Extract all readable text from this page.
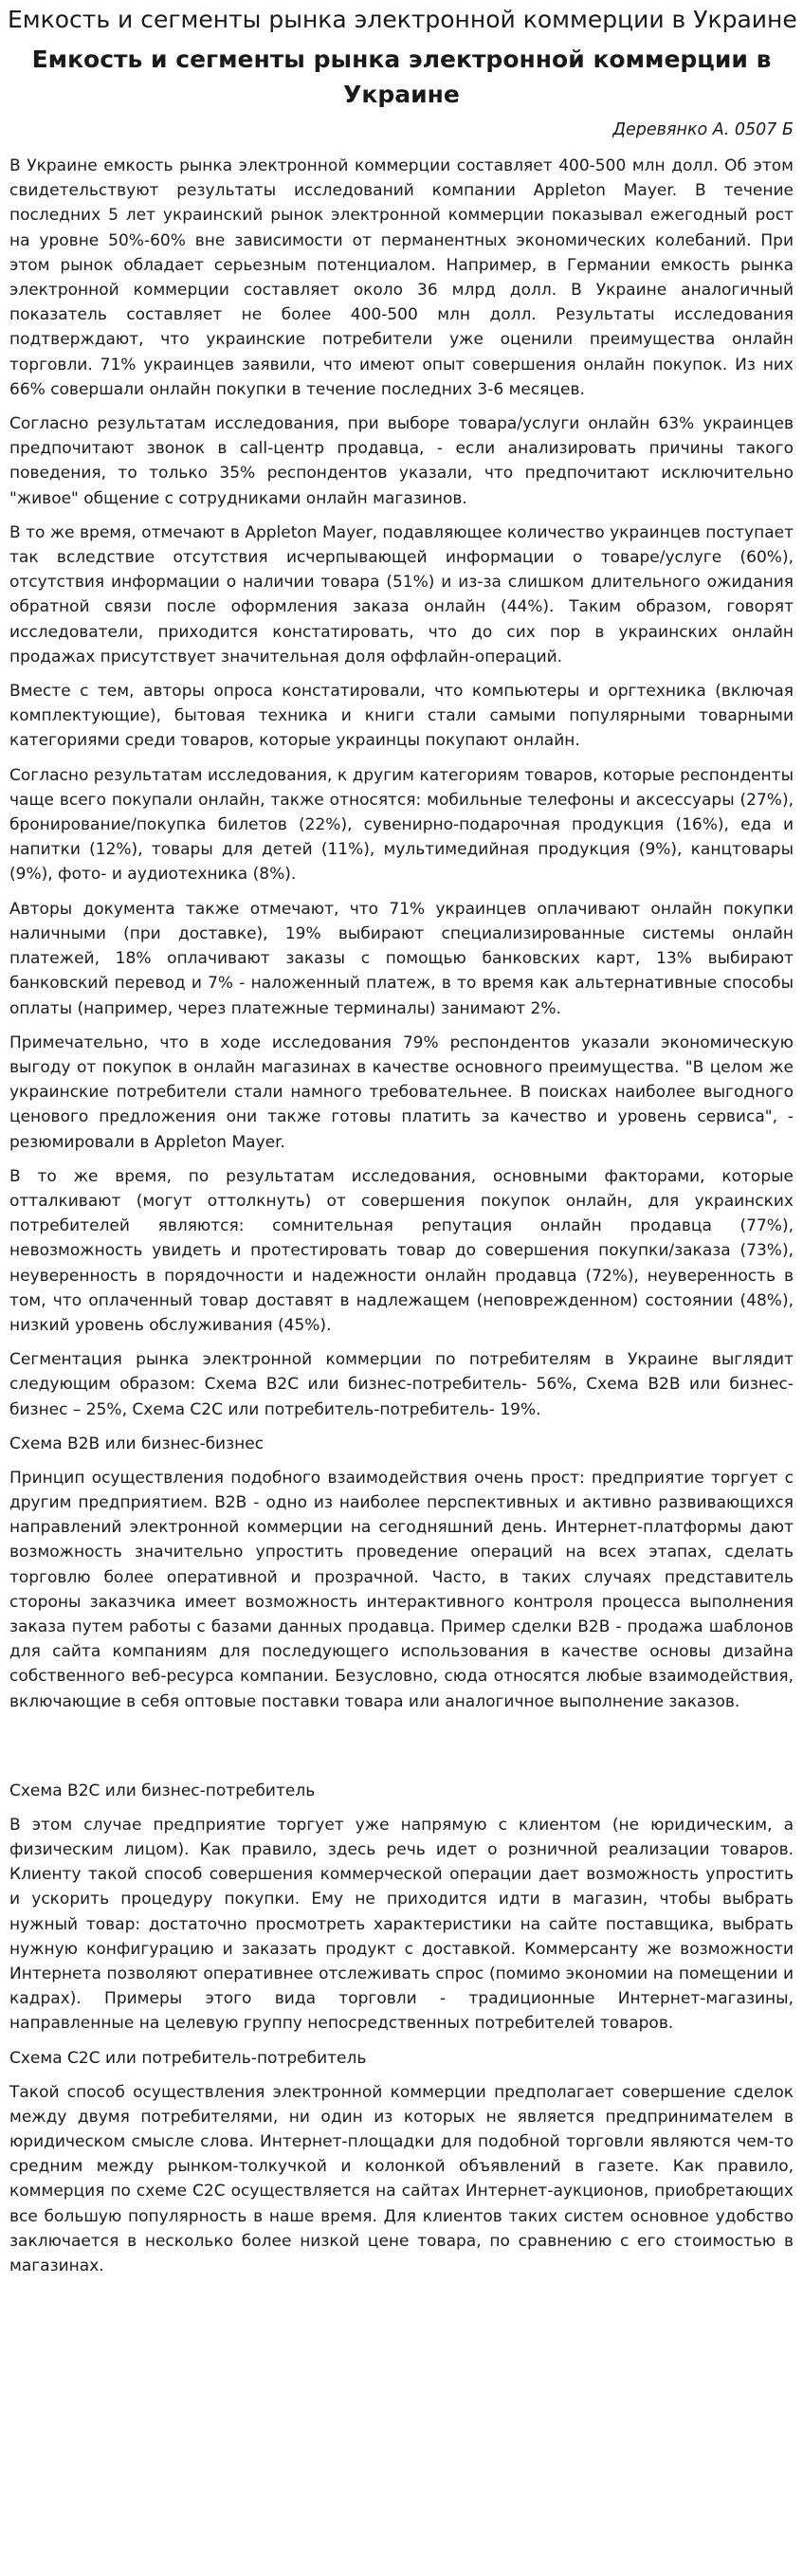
Емкость и сегменты рынка электронной коммерции в Украине
Емкость и сегменты рынка электронной коммерции в Украине
Деревянко А. 0507 Б

В Украине емкость рынка электронной коммерции составляет 400-500 млн долл. Об этом свидетельствуют результаты исследований компании Appleton Mayer. В течение последних 5 лет украинский рынок электронной коммерции показывал ежегодный рост на уровне 50%-60% вне зависимости от перманентных экономических колебаний. При этом рынок обладает серьезным потенциалом. Например, в Германии емкость рынка электронной коммерции составляет около 36 млрд долл. В Украине аналогичный показатель составляет не более 400-500 млн долл. Результаты исследования подтверждают, что украинские потребители уже оценили преимущества онлайн торговли. 71% украинцев заявили, что имеют опыт совершения онлайн покупок. Из них 66% совершали онлайн покупки в течение последних 3-6 месяцев.

Согласно результатам исследования, при выборе товара/услуги онлайн 63% украинцев предпочитают звонок в call-центр продавца, - если анализировать причины такого поведения, то только 35% респондентов указали, что предпочитают исключительно "живое" общение с сотрудниками онлайн магазинов.

В то же время, отмечают в Appleton Mayer, подавляющее количество украинцев поступает так вследствие отсутствия исчерпывающей информации о товаре/услуге (60%), отсутствия информации о наличии товара (51%) и из-за слишком длительного ожидания обратной связи после оформления заказа онлайн (44%). Таким образом, говорят исследователи, приходится констатировать, что до сих пор в украинских онлайн продажах присутствует значительная доля оффлайн-операций.

Вместе с тем, авторы опроса констатировали, что компьютеры и оргтехника (включая комплектующие), бытовая техника и книги стали самыми популярными товарными категориями среди товаров, которые украинцы покупают онлайн.

Согласно результатам исследования, к другим категориям товаров, которые респонденты чаще всего покупали онлайн, также относятся: мобильные телефоны и аксессуары (27%), бронирование/покупка билетов (22%), сувенирно-подарочная продукция (16%), еда и напитки (12%), товары для детей (11%), мультимедийная продукция (9%), канцтовары (9%), фото- и аудиотехника (8%).

Авторы документа также отмечают, что 71% украинцев оплачивают онлайн покупки наличными (при доставке), 19% выбирают специализированные системы онлайн платежей, 18% оплачивают заказы с помощью банковских карт, 13% выбирают банковский перевод и 7% - наложенный платеж, в то время как альтернативные способы оплаты (например, через платежные терминалы) занимают 2%.

Примечательно, что в ходе исследования 79% респондентов указали экономическую выгоду от покупок в онлайн магазинах в качестве основного преимущества. "В целом же украинские потребители стали намного требовательнее. В поисках наиболее выгодного ценового предложения они также готовы платить за качество и уровень сервиса", - резюмировали в Appleton Mayer.

В то же время, по результатам исследования, основными факторами, которые отталкивают (могут оттолкнуть) от совершения покупок онлайн, для украинских потребителей являются: сомнительная репутация онлайн продавца (77%), невозможность увидеть и протестировать товар до совершения покупки/заказа (73%), неуверенность в порядочности и надежности онлайн продавца (72%), неуверенность в том, что оплаченный товар доставят в надлежащем (неповрежденном) состоянии (48%), низкий уровень обслуживания (45%).

Сегментация рынка электронной коммерции по потребителям в Украине выглядит следующим образом: Схема B2C или бизнес-потребитель- 56%, Схема B2B или бизнес-бизнес – 25%, Схема C2C или потребитель-потребитель- 19%.

Схема B2B или бизнес-бизнес

Принцип осуществления подобного взаимодействия очень прост: предприятие торгует с другим предприятием. B2B - одно из наиболее перспективных и активно развивающихся направлений электронной коммерции на сегодняшний день. Интернет-платформы дают возможность значительно упростить проведение операций на всех этапах, сделать торговлю более оперативной и прозрачной. Часто, в таких случаях представитель стороны заказчика имеет возможность интерактивного контроля процесса выполнения заказа путем работы с базами данных продавца. Пример сделки B2B - продажа шаблонов для сайта компаниям для последующего использования в качестве основы дизайна собственного веб-ресурса компании. Безусловно, сюда относятся любые взаимодействия, включающие в себя оптовые поставки товара или аналогичное выполнение заказов.

Схема B2C или бизнес-потребитель

В этом случае предприятие торгует уже напрямую с клиентом (не юридическим, а физическим лицом). Как правило, здесь речь идет о розничной реализации товаров. Клиенту такой способ совершения коммерческой операции дает возможность упростить и ускорить процедуру покупки. Ему не приходится идти в магазин, чтобы выбрать нужный товар: достаточно просмотреть характеристики на сайте поставщика, выбрать нужную конфигурацию и заказать продукт с доставкой. Коммерсанту же возможности Интернета позволяют оперативнее отслеживать спрос (помимо экономии на помещении и кадрах). Примеры этого вида торговли - традиционные Интернет-магазины, направленные на целевую группу непосредственных потребителей товаров.

Схема C2C или потребитель-потребитель

Такой способ осуществления электронной коммерции предполагает совершение сделок между двумя потребителями, ни один из которых не является предпринимателем в юридическом смысле слова. Интернет-площадки для подобной торговли являются чем-то средним между рынком-толкучкой и колонкой объявлений в газете. Как правило, коммерция по схеме C2C осуществляется на сайтах Интернет-аукционов, приобретающих все большую популярность в наше время. Для клиентов таких систем основное удобство заключается в несколько более низкой цене товара, по сравнению с его стоимостью в магазинах.
